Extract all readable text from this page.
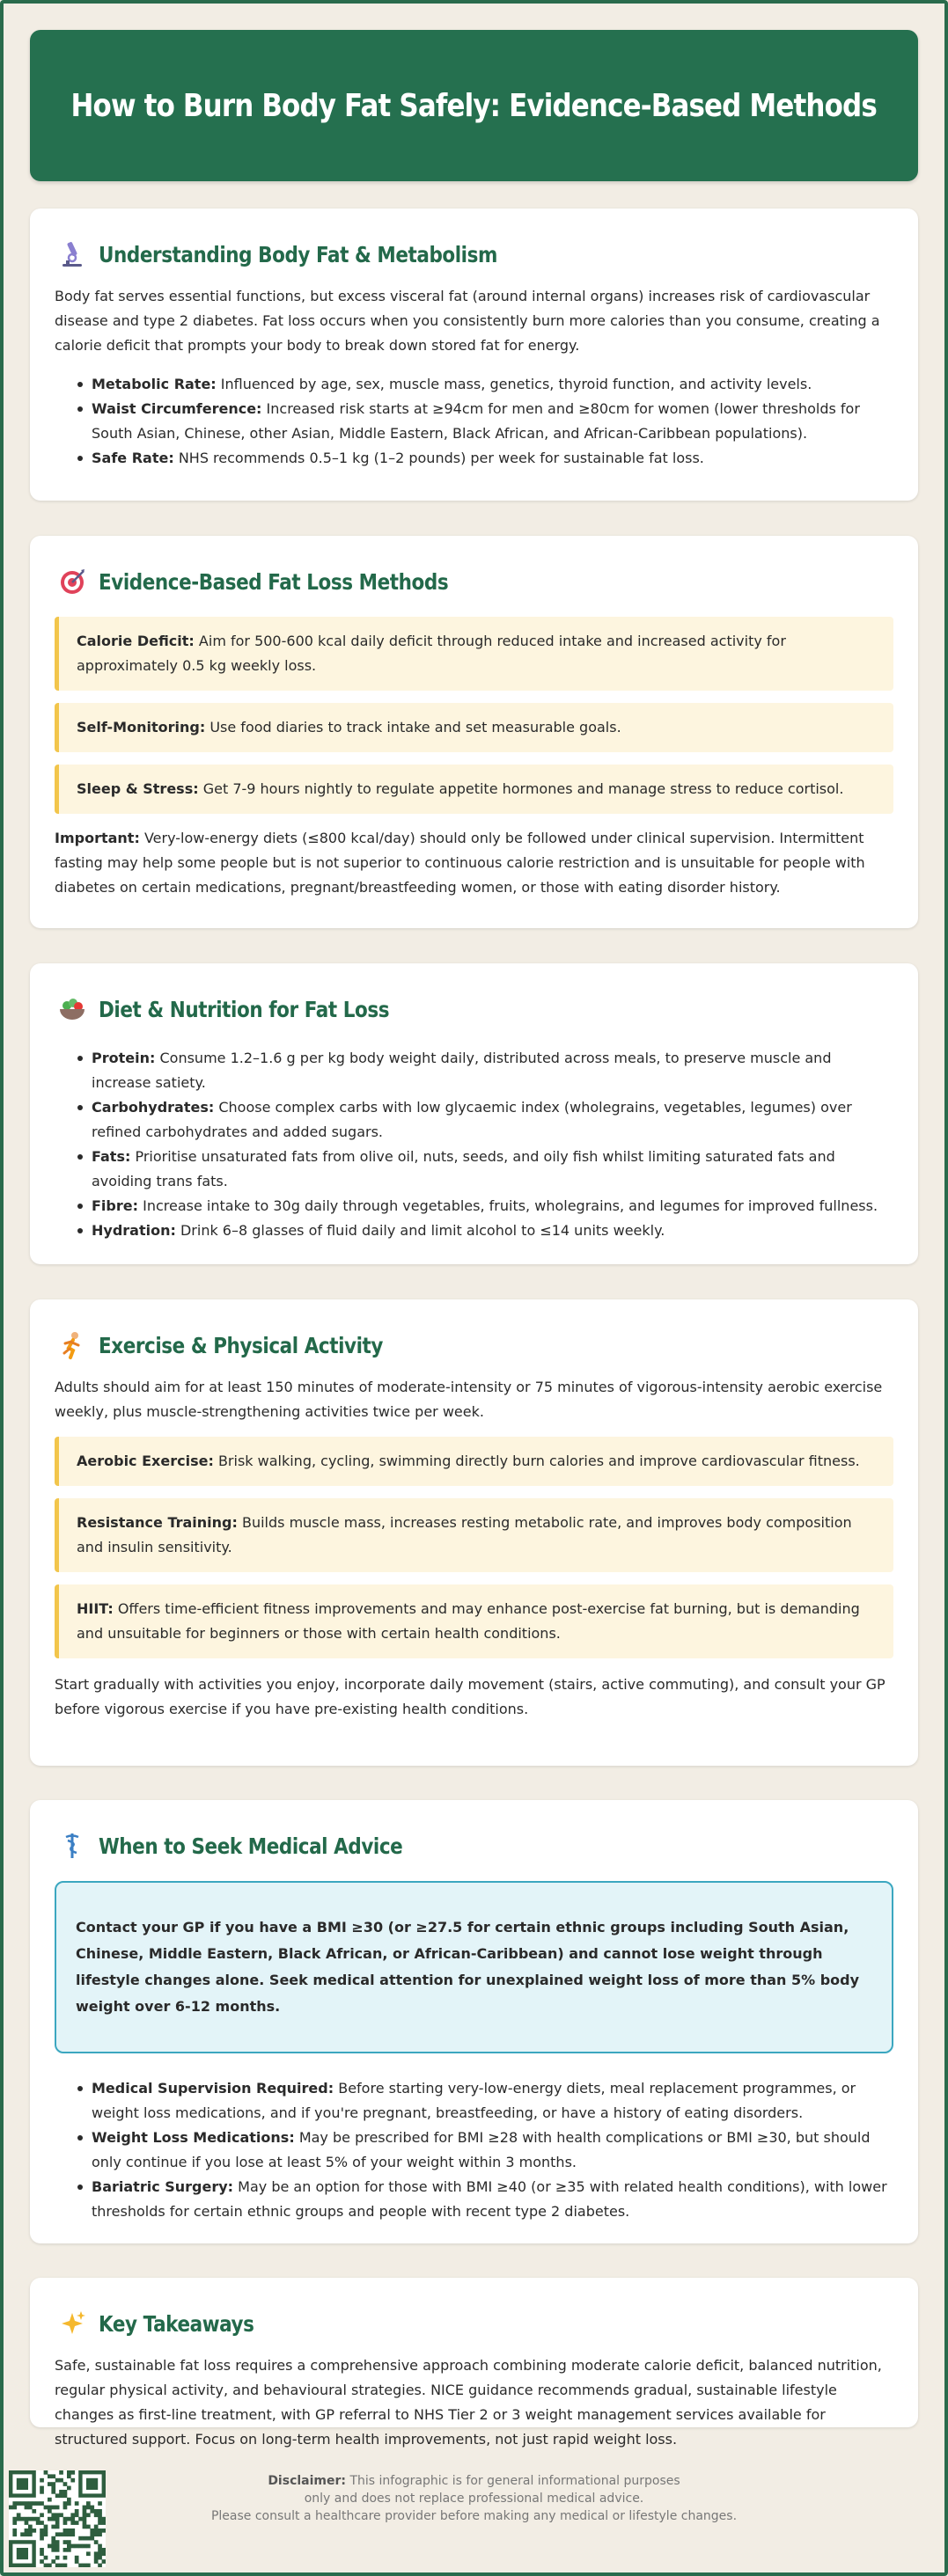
How to Burn Body Fat Safely: Evidence-Based Methods
Understanding Body Fat & Metabolism

Body fat serves essential functions, but excess visceral fat (around internal organs) increases risk of cardiovascular disease and type 2 diabetes. Fat loss occurs when you consistently burn more calories than you consume, creating a calorie deficit that prompts your body to break down stored fat for energy.

Metabolic Rate: Influenced by age, sex, muscle mass, genetics, thyroid function, and activity levels.
Waist Circumference: Increased risk starts at ≥94cm for men and ≥80cm for women (lower thresholds for South Asian, Chinese, other Asian, Middle Eastern, Black African, and African-Caribbean populations).
Safe Rate: NHS recommends 0.5–1 kg (1–2 pounds) per week for sustainable fat loss.
Evidence-Based Fat Loss Methods
Calorie Deficit: Aim for 500-600 kcal daily deficit through reduced intake and increased activity for approximately 0.5 kg weekly loss.
Self-Monitoring: Use food diaries to track intake and set measurable goals.
Sleep & Stress: Get 7-9 hours nightly to regulate appetite hormones and manage stress to reduce cortisol.

Important: Very-low-energy diets (≤800 kcal/day) should only be followed under clinical supervision. Intermittent fasting may help some people but is not superior to continuous calorie restriction and is unsuitable for people with diabetes on certain medications, pregnant/breastfeeding women, or those with eating disorder history.

Diet & Nutrition for Fat Loss
Protein: Consume 1.2–1.6 g per kg body weight daily, distributed across meals, to preserve muscle and increase satiety.
Carbohydrates: Choose complex carbs with low glycaemic index (wholegrains, vegetables, legumes) over refined carbohydrates and added sugars.
Fats: Prioritise unsaturated fats from olive oil, nuts, seeds, and oily fish whilst limiting saturated fats and avoiding trans fats.
Fibre: Increase intake to 30g daily through vegetables, fruits, wholegrains, and legumes for improved fullness.
Hydration: Drink 6–8 glasses of fluid daily and limit alcohol to ≤14 units weekly.
Exercise & Physical Activity

Adults should aim for at least 150 minutes of moderate-intensity or 75 minutes of vigorous-intensity aerobic exercise weekly, plus muscle-strengthening activities twice per week.

Aerobic Exercise: Brisk walking, cycling, swimming directly burn calories and improve cardiovascular fitness.
Resistance Training: Builds muscle mass, increases resting metabolic rate, and improves body composition and insulin sensitivity.
HIIT: Offers time-efficient fitness improvements and may enhance post-exercise fat burning, but is demanding and unsuitable for beginners or those with certain health conditions.

Start gradually with activities you enjoy, incorporate daily movement (stairs, active commuting), and consult your GP before vigorous exercise if you have pre-existing health conditions.

When to Seek Medical Advice
Contact your GP if you have a BMI ≥30 (or ≥27.5 for certain ethnic groups including South Asian, Chinese, Middle Eastern, Black African, or African-Caribbean) and cannot lose weight through lifestyle changes alone. Seek medical attention for unexplained weight loss of more than 5% body weight over 6-12 months.
Medical Supervision Required: Before starting very-low-energy diets, meal replacement programmes, or weight loss medications, and if you're pregnant, breastfeeding, or have a history of eating disorders.
Weight Loss Medications: May be prescribed for BMI ≥28 with health complications or BMI ≥30, but should only continue if you lose at least 5% of your weight within 3 months.
Bariatric Surgery: May be an option for those with BMI ≥40 (or ≥35 with related health conditions), with lower thresholds for certain ethnic groups and people with recent type 2 diabetes.
Key Takeaways

Safe, sustainable fat loss requires a comprehensive approach combining moderate calorie deficit, balanced nutrition, regular physical activity, and behavioural strategies. NICE guidance recommends gradual, sustainable lifestyle changes as first-line treatment, with GP referral to NHS Tier 2 or 3 weight management services available for structured support. Focus on long-term health improvements, not just rapid weight loss.

Disclaimer: This infographic is for general informational purposes
only and does not replace professional medical advice.
Please consult a healthcare provider before making any medical or lifestyle changes.
